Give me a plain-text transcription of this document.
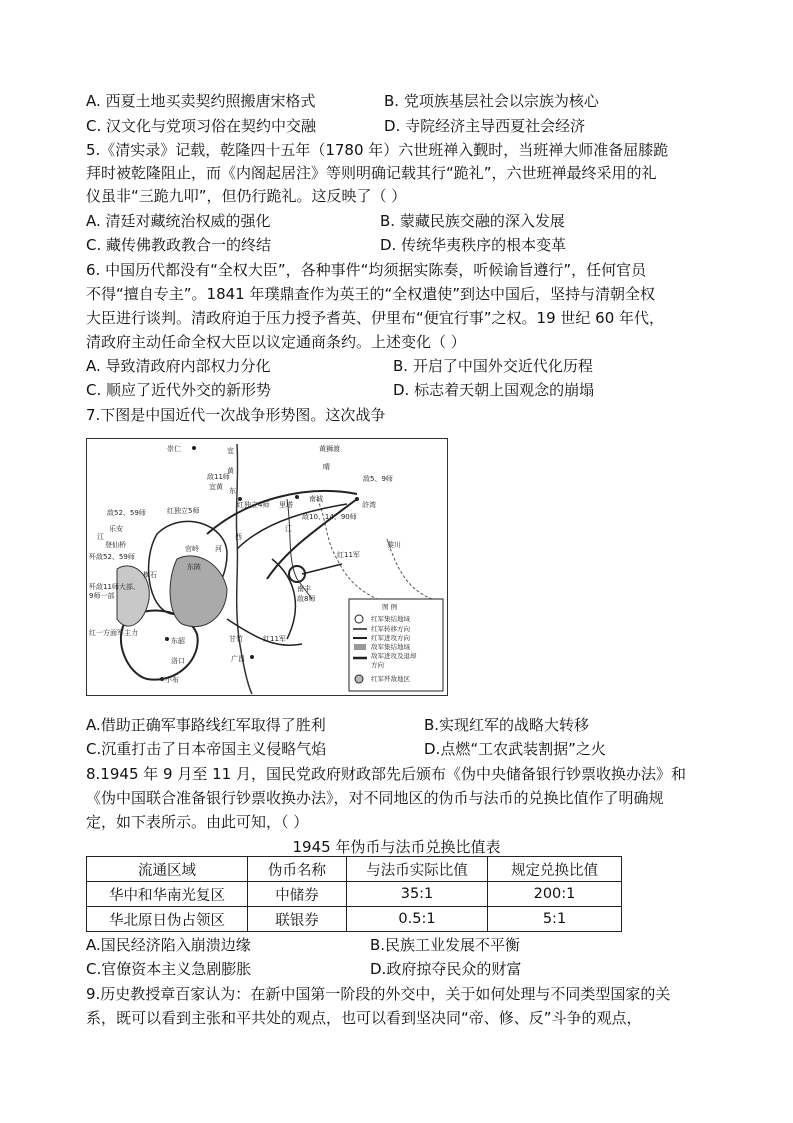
A. 西夏土地买卖契约照搬唐宋格式	B. 党项族基层社会以宗族为核心
C. 汉文化与党项习俗在契约中交融	D. 寺院经济主导西夏社会经济
5.《清实录》记载，乾隆四十五年（1780 年）六世班禅入觐时，当班禅大师准备屈膝跪
拜时被乾隆阻止，而《内阁起居注》等则明确记载其行“跪礼”，六世班禅最终采用的礼
仪虽非“三跪九叩”，但仍行跪礼。这反映了（ ）
A. 清廷对藏统治权威的强化	B. 蒙藏民族交融的深入发展
C. 藏传佛教政教合一的终结	D. 传统华夷秩序的根本变革
6. 中国历代都没有“全权大臣”，各种事件“均须据实陈奏，听候谕旨遵行”，任何官员
不得“擅自专主”。1841 年璞鼎查作为英王的“全权遣使”到达中国后，坚持与清朝全权
大臣进行谈判。清政府迫于压力授予耆英、伊里布“便宜行事”之权。19 世纪 60 年代，
清政府主动任命全权大臣以议定通商条约。上述变化（ ）
A. 导致清政府内部权力分化	B. 开启了中国外交近代化历程
C. 顺应了近代外交的新形势	D. 标志着天朝上国观念的崩塌
7.下图是中国近代一次战争形势图。这次战争
崇仁	宜
黄
东
黄狮渡
晴
敌5、9师
浒湾
敌11师
宜黄
红独立5师
红独立4师
南城
敌10、14、90师
敌52、59师
乐安
江
登仙桥
歼敌52、59师
官岭
东陂
河
西
里塔
江
红11军
黎川
横石
歼敌11师大部、
9师一部
南丰
敌8师
红一方面军主力
东韶	甘竹	红11军
洛口	广昌
小布
图 例
红军集结地域
红军转移方向
红军进攻方向
敌军集结地域
敌军进攻及退却
方向
红军歼敌地区
A.借助正确军事路线红军取得了胜利	B.实现红军的战略大转移
C.沉重打击了日本帝国主义侵略气焰	D.点燃“工农武装割据”之火
8.1945 年 9 月至 11 月，国民党政府财政部先后颁布《伪中央储备银行钞票收换办法》和
《伪中国联合准备银行钞票收换办法》，对不同地区的伪币与法币的兑换比值作了明确规
定，如下表所示。由此可知，（ ）
1945 年伪币与法币兑换比值表
流通区域	伪币名称	与法币实际比值	规定兑换比值
华中和华南光复区	中储券	35:1	200:1
华北原日伪占领区	联银券	0.5:1	5:1
A.国民经济陷入崩溃边缘	B.民族工业发展不平衡
C.官僚资本主义急剧膨胀	D.政府掠夺民众的财富
9.历史教授章百家认为：在新中国第一阶段的外交中，关于如何处理与不同类型国家的关
系，既可以看到主张和平共处的观点，也可以看到坚决同“帝、修、反”斗争的观点，
